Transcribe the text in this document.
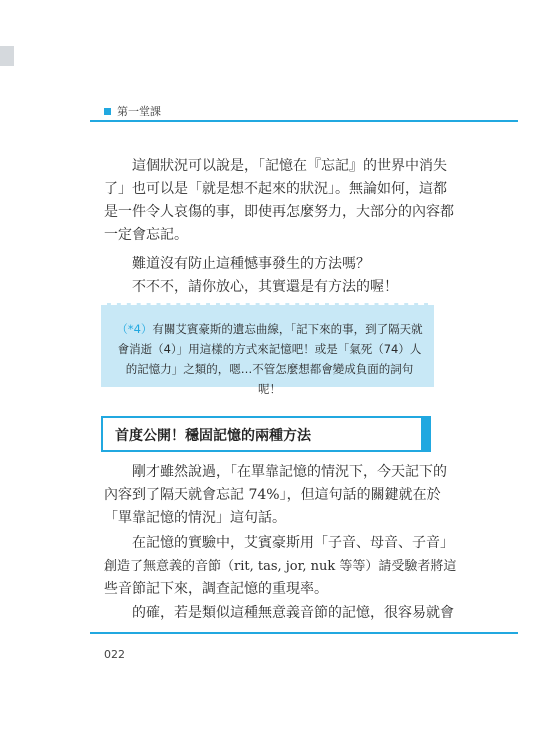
第一堂課
這個狀況可以說是，「記憶在『忘記』的世界中消失
了」也可以是「就是想不起來的狀況」。無論如何，這都
是一件令人哀傷的事，即使再怎麼努力，大部分的內容都
一定會忘記。
難道沒有防止這種憾事發生的方法嗎？
不不不，請你放心，其實還是有方法的喔！
（*4）有關艾賓豪斯的遺忘曲線，「記下來的事，到了隔天就
會消逝（4）」用這樣的方式來記憶吧！或是「氣死（74）人
的記憶力」之類的，嗯…不管怎麼想都會變成負面的詞句呢！
首度公開！穩固記憶的兩種方法
剛才雖然說過，「在單靠記憶的情況下，今天記下的
內容到了隔天就會忘記 74%」，但這句話的關鍵就在於
「單靠記憶的情況」這句話。
在記憶的實驗中，艾賓豪斯用「子音、母音、子音」
創造了無意義的音節（rit, tas, jor, nuk 等等）請受驗者將這
些音節記下來，調查記憶的重現率。
的確，若是類似這種無意義音節的記憶，很容易就會
022
